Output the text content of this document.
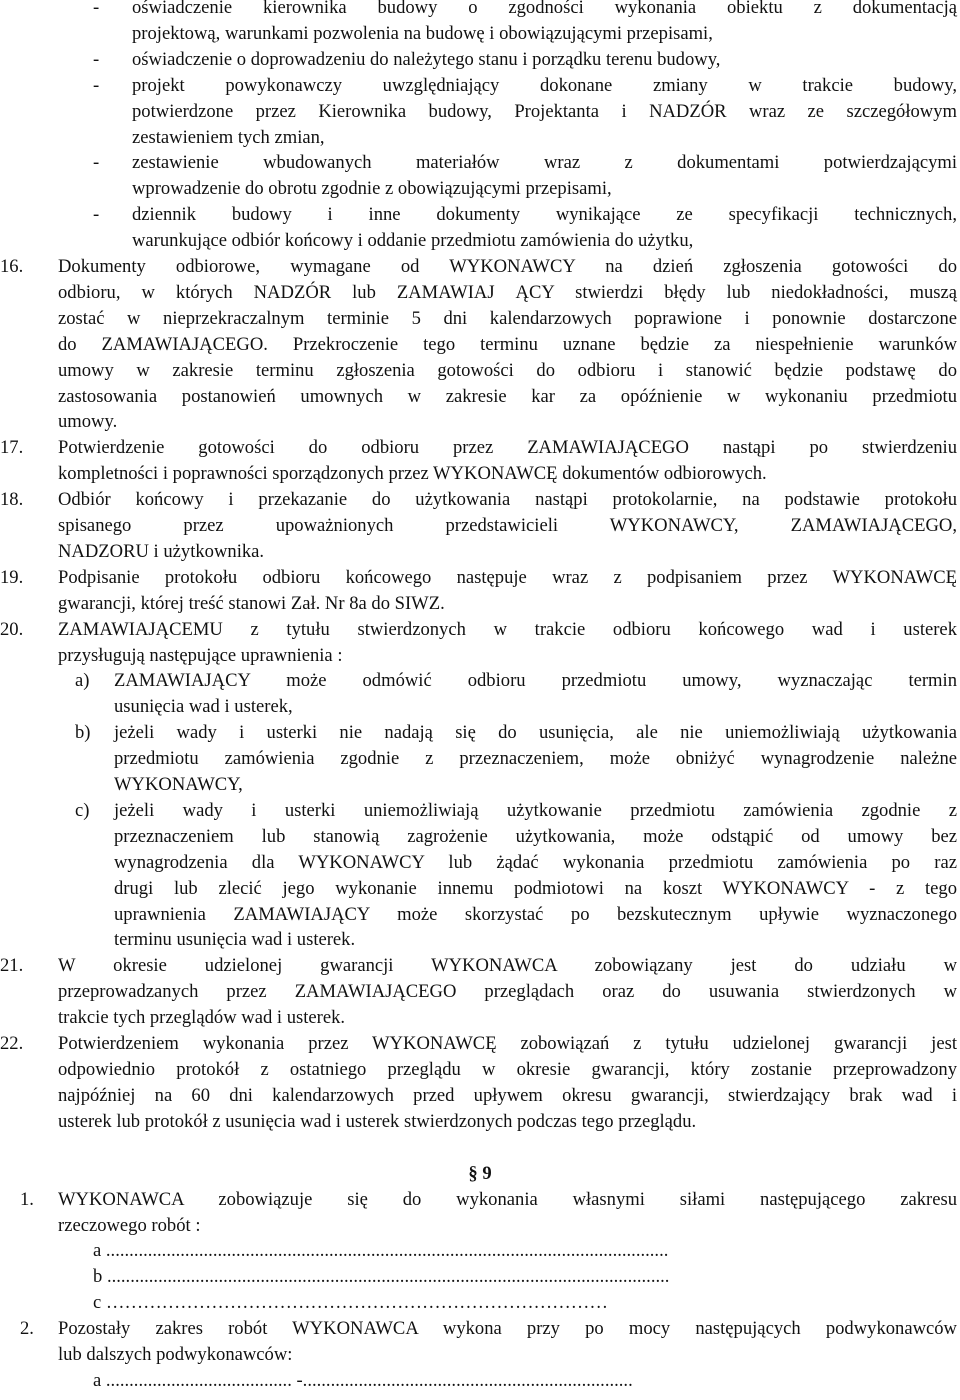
- oświadczenie kierownika budowy o zgodności wykonania obiektu z dokumentacją
projektową, warunkami pozwolenia na budowę i obowiązującymi przepisami,
- oświadczenie o doprowadzeniu do należytego stanu i porządku terenu budowy,
- projekt powykonawczy uwzględniający dokonane zmiany w trakcie budowy,
potwierdzone przez Kierownika budowy, Projektanta i NADZÓR wraz ze szczegółowym
zestawieniem tych zmian,
- zestawienie wbudowanych materiałów wraz z dokumentami potwierdzającymi
wprowadzenie do obrotu zgodnie z obowiązującymi przepisami,
- dziennik budowy i inne dokumenty wynikające ze specyfikacji technicznych,
warunkujące odbiór końcowy i oddanie przedmiotu zamówienia do użytku,
16. Dokumenty odbiorowe, wymagane od WYKONAWCY na dzień zgłoszenia gotowości do
odbioru, w których NADZÓR lub ZAMAWIAJ ĄCY stwierdzi błędy lub niedokładności, muszą
zostać w nieprzekraczalnym terminie 5 dni kalendarzowych poprawione i ponownie dostarczone
do ZAMAWIAJĄCEGO. Przekroczenie tego terminu uznane będzie za niespełnienie warunków
umowy w zakresie terminu zgłoszenia gotowości do odbioru i stanowić będzie podstawę do
zastosowania postanowień umownych w zakresie kar za opóźnienie w wykonaniu przedmiotu
umowy.
17. Potwierdzenie gotowości do odbioru przez ZAMAWIAJĄCEGO nastąpi po stwierdzeniu
kompletności i poprawności sporządzonych przez WYKONAWCĘ dokumentów odbiorowych.
18. Odbiór końcowy i przekazanie do użytkowania nastąpi protokolarnie, na podstawie protokołu
spisanego przez upoważnionych przedstawicieli WYKONAWCY, ZAMAWIAJĄCEGO,
NADZORU i użytkownika.
19. Podpisanie protokołu odbioru końcowego następuje wraz z podpisaniem przez WYKONAWCĘ
gwarancji, której treść stanowi Zał. Nr 8a do SIWZ.
20. ZAMAWIAJĄCEMU z tytułu stwierdzonych w trakcie odbioru końcowego wad i usterek
przysługują następujące uprawnienia :
a) ZAMAWIAJĄCY może odmówić odbioru przedmiotu umowy, wyznaczając termin
usunięcia wad i usterek,
b) jeżeli wady i usterki nie nadają się do usunięcia, ale nie uniemożliwiają użytkowania
przedmiotu zamówienia zgodnie z przeznaczeniem, może obniżyć wynagrodzenie należne
WYKONAWCY,
c) jeżeli wady i usterki uniemożliwiają użytkowanie przedmiotu zamówienia zgodnie z
przeznaczeniem lub stanowią zagrożenie użytkowania, może odstąpić od umowy bez
wynagrodzenia dla WYKONAWCY lub żądać wykonania przedmiotu zamówienia po raz
drugi lub zlecić jego wykonanie innemu podmiotowi na koszt WYKONAWCY - z tego
uprawnienia ZAMAWIAJĄCY może skorzystać po bezskutecznym upływie wyznaczonego
terminu usunięcia wad i usterek.
21. W okresie udzielonej gwarancji WYKONAWCA zobowiązany jest do udziału w
przeprowadzanych przez ZAMAWIAJĄCEGO przeglądach oraz do usuwania stwierdzonych w
trakcie tych przeglądów wad i usterek.
22. Potwierdzeniem wykonania przez WYKONAWCĘ zobowiązań z tytułu udzielonej gwarancji jest
odpowiednio protokół z ostatniego przeglądu w okresie gwarancji, który zostanie przeprowadzony
najpóźniej na 60 dni kalendarzowych przed upływem okresu gwarancji, stwierdzający brak wad i
usterek lub protokół z usunięcia wad i usterek stwierdzonych podczas tego przeglądu.
§ 9
1. WYKONAWCA zobowiązuje się do wykonania własnymi siłami następującego zakresu
rzeczowego robót :
a .........................................................................................................................
b .........................................................................................................................
c ………………………………………………………………………
2. Pozostały zakres robót WYKONAWCA wykona przy po mocy następujących podwykonawców
lub dalszych podwykonawców:
a ........................................ -.......................................................................
